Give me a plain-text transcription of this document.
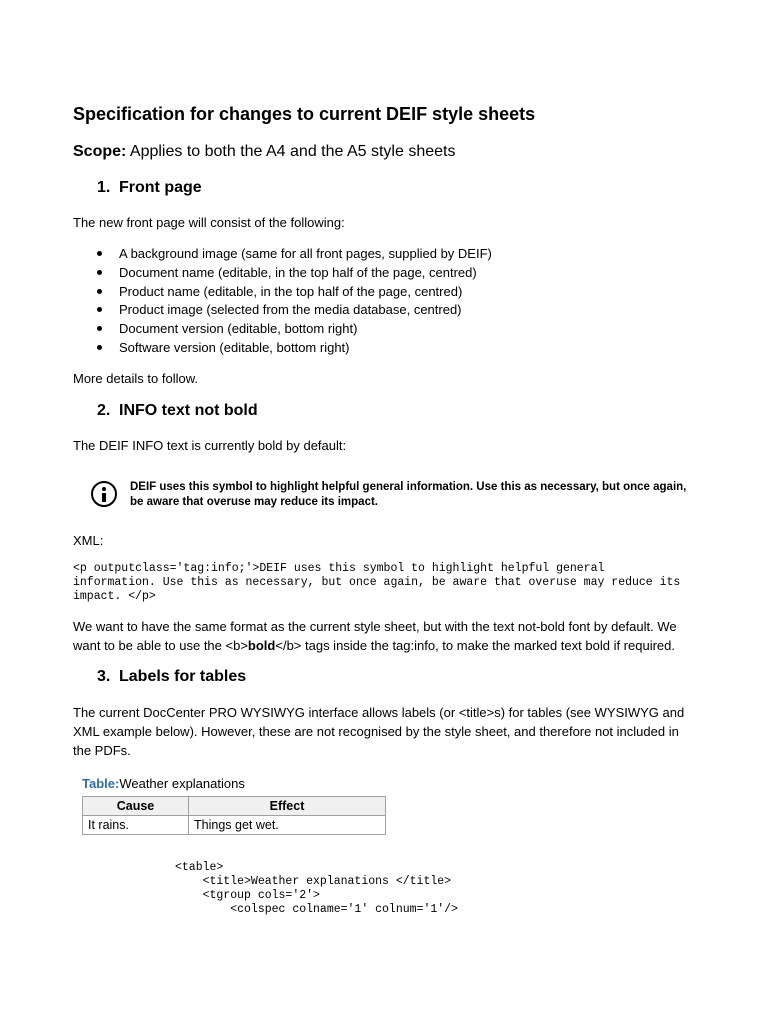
Specification for changes to current DEIF style sheets
Scope: Applies to both the A4 and the A5 style sheets
1. Front page
The new front page will consist of the following:
A background image (same for all front pages, supplied by DEIF)
Document name (editable, in the top half of the page, centred)
Product name (editable, in the top half of the page, centred)
Product image (selected from the media database, centred)
Document version (editable, bottom right)
Software version (editable, bottom right)
More details to follow.
2. INFO text not bold
The DEIF INFO text is currently bold by default:
DEIF uses this symbol to highlight helpful general information. Use this as necessary, but once again, be aware that overuse may reduce its impact.
XML:
<p outputclass='tag:info;'>DEIF uses this symbol to highlight helpful general
information. Use this as necessary, but once again, be aware that overuse may reduce its
impact. </p>
We want to have the same format as the current style sheet, but with the text not-bold font by default. We want to be able to use the <b>bold</b> tags inside the tag:info, to make the marked text bold if required.
3. Labels for tables
The current DocCenter PRO WYSIWYG interface allows labels (or <title>s) for tables (see WYSIWYG and XML example below). However, these are not recognised by the style sheet, and therefore not included in the PDFs.
Table:Weather explanations
Cause	Effect
It rains.	Things get wet.
<table>
<title>Weather explanations </title>
<tgroup cols='2'>
<colspec colname='1' colnum='1'/>
